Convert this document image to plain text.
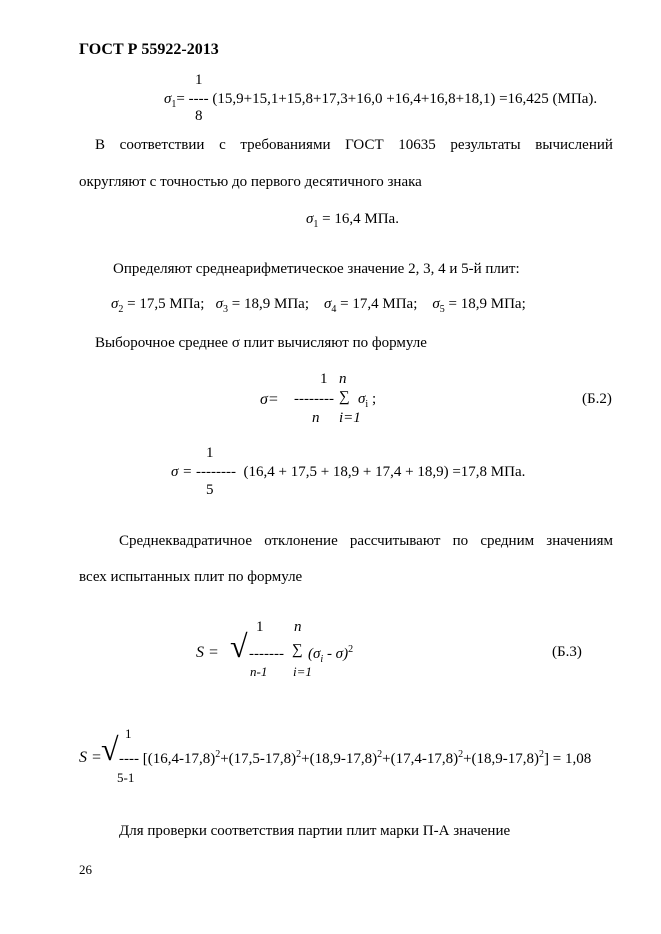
ГОСТ Р 55922-2013
1
$\sigma_1=$ ---- (15,9+15,1+15,8+17,3+16,0 +16,4+16,8+18,1) =16,425 (МПа).
8
В соответствии с требованиями ГОСТ 10635 результаты вычислений
округляют с точностью до первого десятичного знака
$\sigma_1 = 16,4$ МПа.
Определяют среднеарифметическое значение 2, 3, 4 и 5-й плит:
$\sigma_2 = 17,5$ МПа; $\sigma_3 = 18,9$ МПа; $\sigma_4 = 17,4$ МПа; $\sigma_5 = 18,9$ МПа;
Выборочное среднее σ плит вычисляют по формуле
1 n
σ= -------- ∑ $\sigma_i$ ;
n i=1
(Б.2)
1
σ = -------- (16,4 + 17,5 + 18,9 + 17,4 + 18,9) =17,8 МПа.
5
Среднеквадратичное отклонение рассчитывают по средним значениям
всех испытанных плит по формуле
1 n
S = √ ------- ∑ $(\sigma_i - \sigma)^2$
n-1 i=1
(Б.3)
1
S = √ ---- $[(16,4-17,8)^2+(17,5-17,8)^2+(18,9-17,8)^2+(17,4-17,8)^2+(18,9-17,8)^2] = 1,08$
5-1
Для проверки соответствия партии плит марки П-А значение
26
